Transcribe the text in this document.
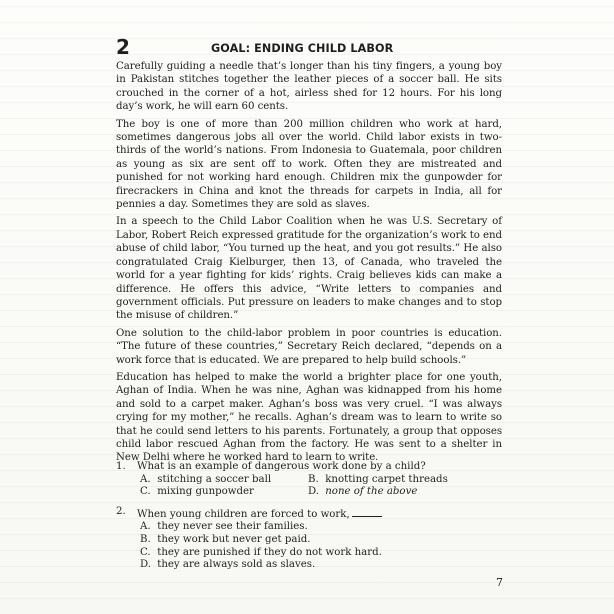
2	GOAL: ENDING CHILD LABOR

Carefully guiding a needle that’s longer than his tiny fingers, a young boy in Pakistan stitches together the leather pieces of a soccer ball. He sits crouched in the corner of a hot, airless shed for 12 hours. For his long day’s work, he will earn 60 cents.

The boy is one of more than 200 million children who work at hard, sometimes dangerous jobs all over the world. Child labor exists in two-thirds of the world’s nations. From Indonesia to Guatemala, poor children as young as six are sent off to work. Often they are mistreated and punished for not working hard enough. Children mix the gunpowder for firecrackers in China and knot the threads for carpets in India, all for pennies a day. Sometimes they are sold as slaves.

In a speech to the Child Labor Coalition when he was U.S. Secretary of Labor, Robert Reich expressed gratitude for the organization’s work to end abuse of child labor, “You turned up the heat, and you got results.” He also congratulated Craig Kielburger, then 13, of Canada, who traveled the world for a year fighting for kids’ rights. Craig believes kids can make a difference. He offers this advice, “Write letters to companies and government officials. Put pressure on leaders to make changes and to stop the misuse of children.”

One solution to the child-labor problem in poor countries is education. “The future of these countries,” Secretary Reich declared, “depends on a work force that is educated. We are prepared to help build schools.”

Education has helped to make the world a brighter place for one youth, Aghan of India. When he was nine, Aghan was kidnapped from his home and sold to a carpet maker. Aghan’s boss was very cruel. “I was always crying for my mother,” he recalls. Aghan’s dream was to learn to write so that he could send letters to his parents. Fortunately, a group that opposes child labor rescued Aghan from the factory. He was sent to a shelter in New Delhi where he worked hard to learn to write.

1.	What is an example of dangerous work done by a child?
A. stitching a soccer ball	B. knotting carpet threads
C. mixing gunpowder	D. none of the above
2.	When young children are forced to work,
A. they never see their families.
B. they work but never get paid.
C. they are punished if they do not work hard.
D. they are always sold as slaves.
7
